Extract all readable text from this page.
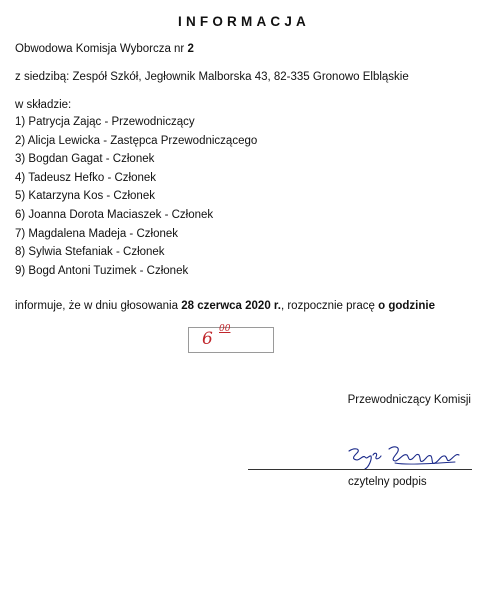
INFORMACJA
Obwodowa Komisja Wyborcza nr 2
z siedzibą: Zespół Szkół, Jegłownik Malborska 43, 82-335 Gronowo Elbląskie
w składzie:
1) Patrycja Zając - Przewodniczący
2) Alicja Lewicka - Zastępca Przewodniczącego
3) Bogdan Gagat - Członek
4) Tadeusz Hefko - Członek
5) Katarzyna Kos - Członek
6) Joanna Dorota Maciaszek - Członek
7) Magdalena Madeja - Członek
8) Sylwia Stefaniak - Członek
9) Bogd Antoni Tuzimek - Członek
informuje, że w dniu głosowania 28 czerwca 2020 r., rozpocznie pracę o godzinie
6 00
Przewodniczący Komisji
czytelny podpis
